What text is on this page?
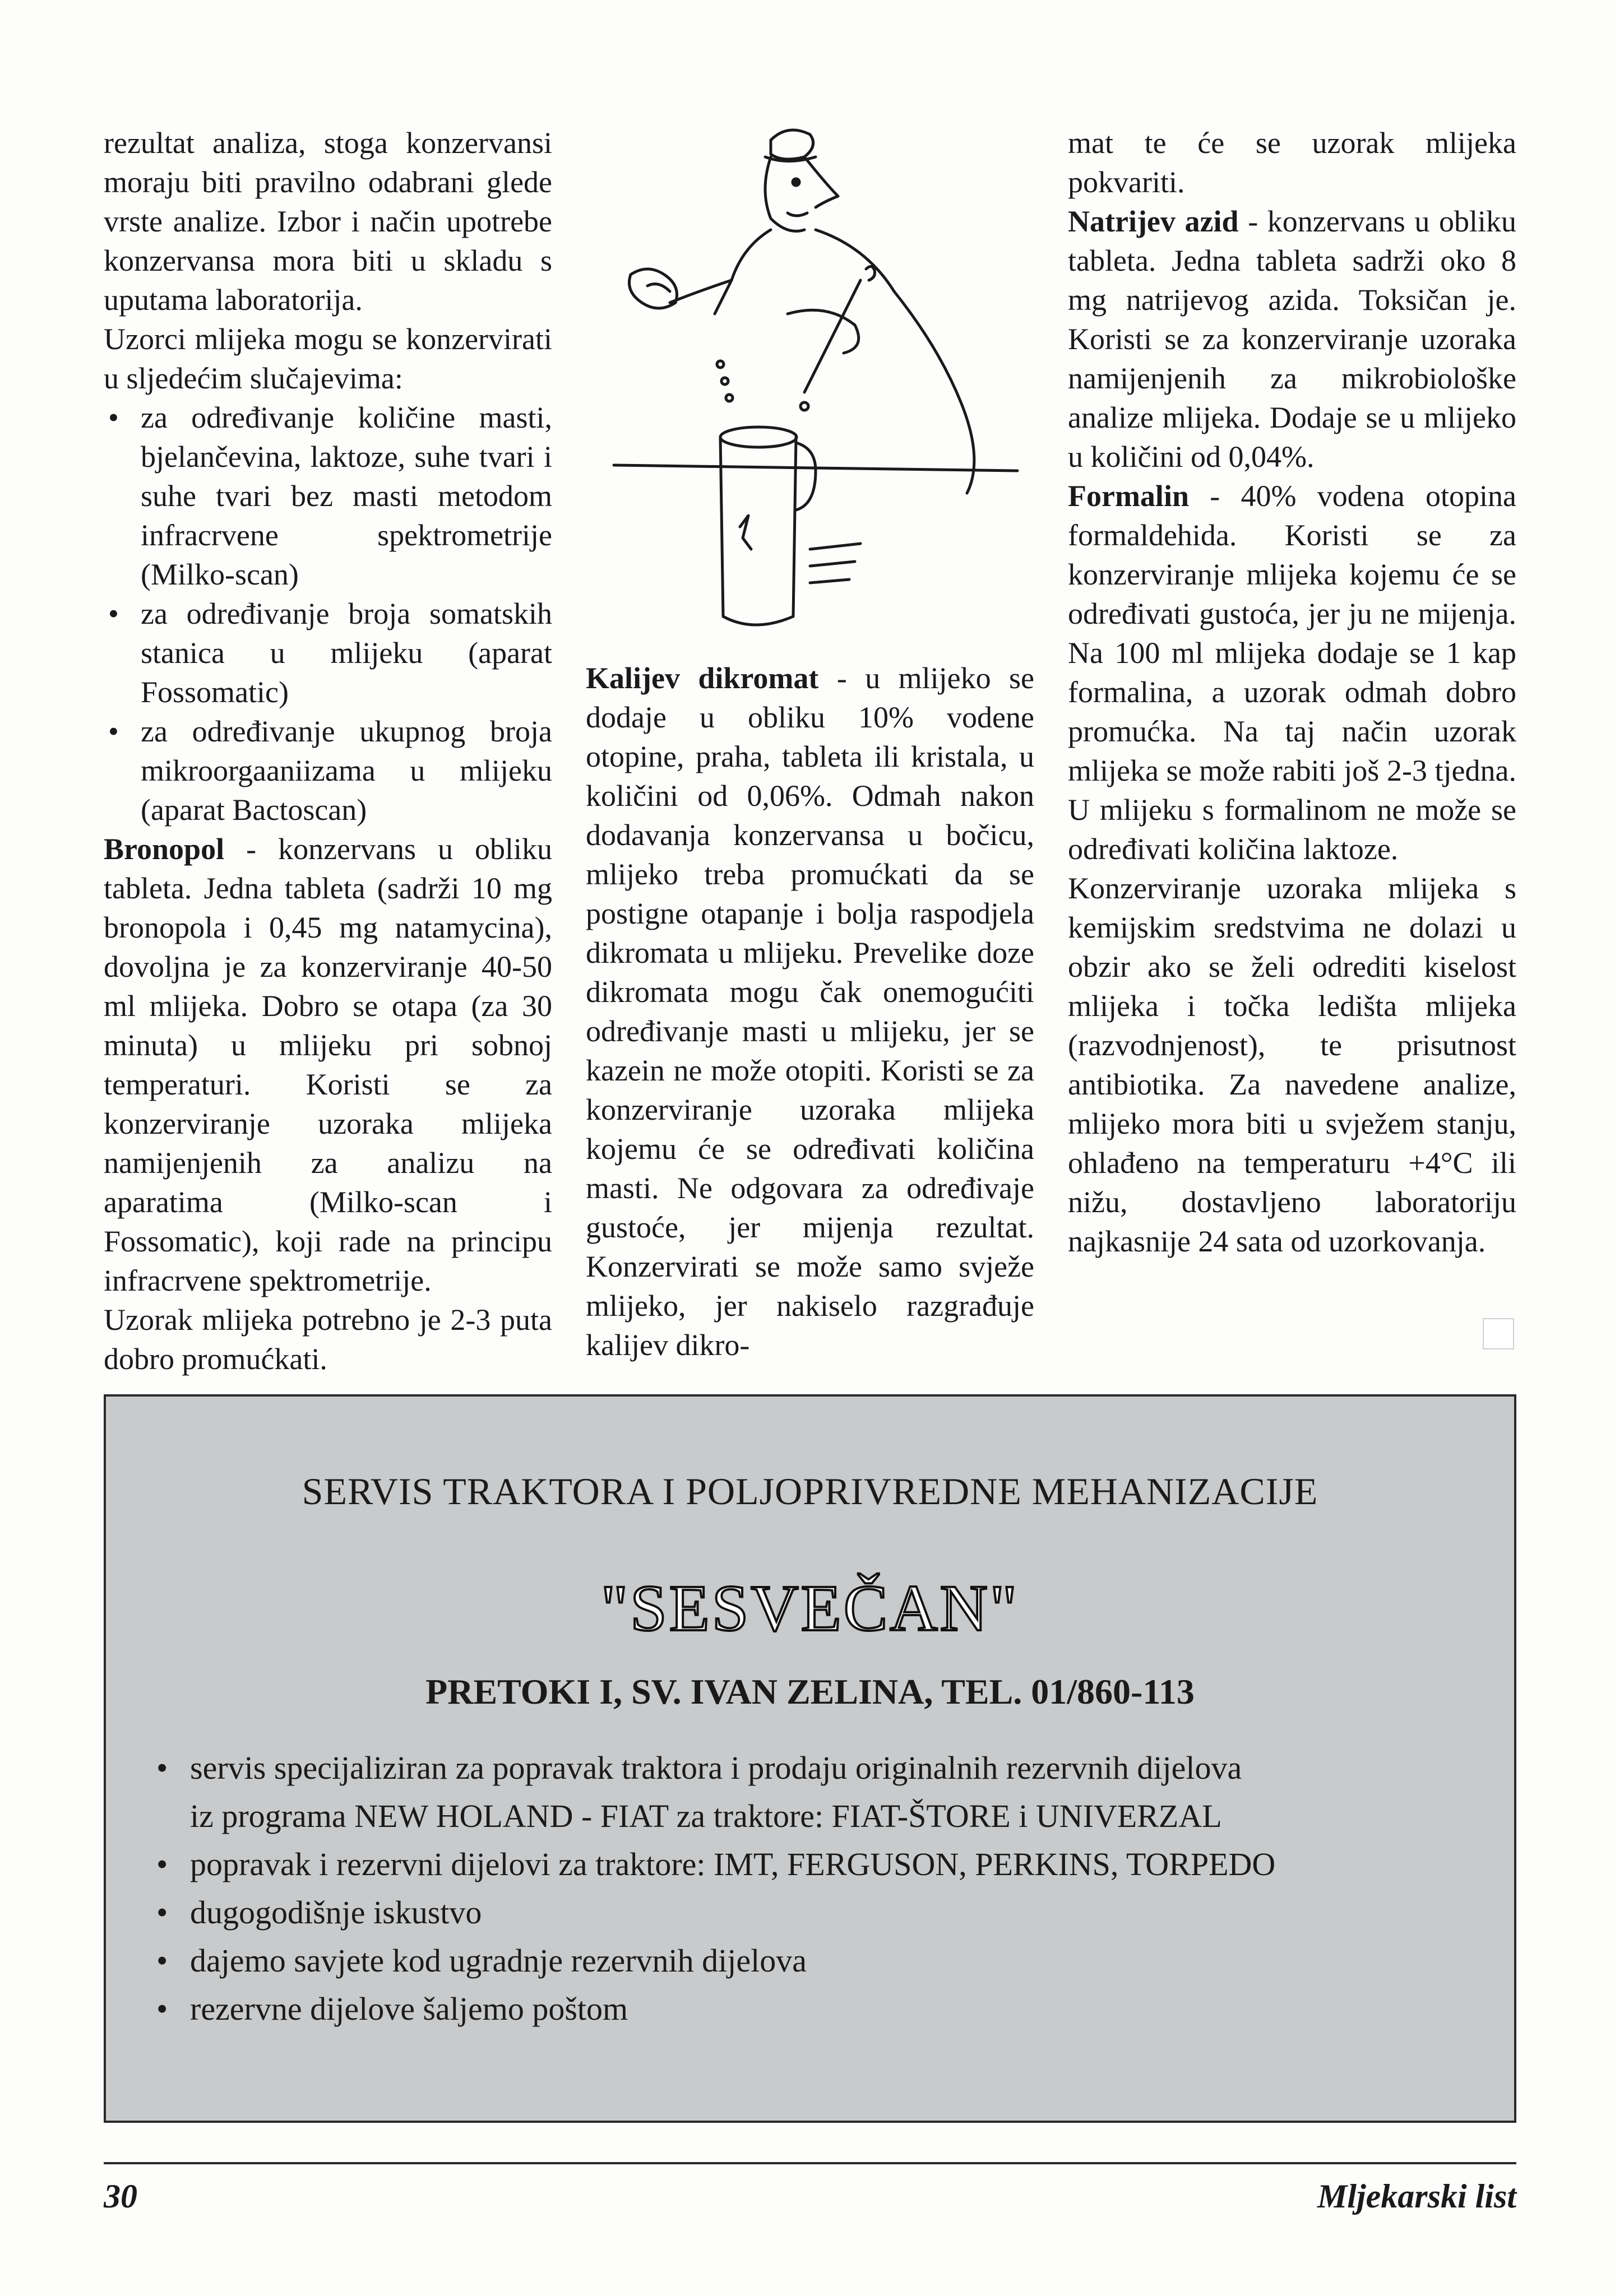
rezultat analiza, stoga konzervansi moraju biti pravilno odabrani glede vrste analize. Izbor i način upotrebe konzervansa mora biti u skladu s uputama laboratorija.

Uzorci mlijeka mogu se konzervirati u sljedećim slučajevima:

• za određivanje količine masti, bjelančevina, laktoze, suhe tvari i suhe tvari bez masti metodom infracrvene spektrometrije (Milko-scan)
• za određivanje broja somatskih stanica u mlijeku (aparat Fossomatic)
• za određivanje ukupnog broja mikroorgaaniizama u mlijeku (aparat Bactoscan)

Bronopol - konzervans u obliku tableta. Jedna tableta (sadrži 10 mg bronopola i 0,45 mg natamycina), dovoljna je za konzerviranje 40-50 ml mlijeka. Dobro se otapa (za 30 minuta) u mlijeku pri sobnoj temperaturi. Koristi se za konzerviranje uzoraka mlijeka namijenjenih za analizu na aparatima (Milko-scan i Fossomatic), koji rade na principu infracrvene spektrometrije.

Uzorak mlijeka potrebno je 2-3 puta dobro promućkati.

Kalijev dikromat - u mlijeko se dodaje u obliku 10% vodene otopine, praha, tableta ili kristala, u količini od 0,06%. Odmah nakon dodavanja konzervansa u bočicu, mlijeko treba promućkati da se postigne otapanje i bolja raspodjela dikromata u mlijeku. Prevelike doze dikromata mogu čak onemogućiti određivanje masti u mlijeku, jer se kazein ne može otopiti. Koristi se za konzerviranje uzoraka mlijeka kojemu će se određivati količina masti. Ne odgovara za određivaje gustoće, jer mijenja rezultat. Konzervirati se može samo svježe mlijeko, jer nakiselo razgrađuje kalijev dikro-

mat te će se uzorak mlijeka pokvariti.

Natrijev azid - konzervans u obliku tableta. Jedna tableta sadrži oko 8 mg natrijevog azida. Toksičan je. Koristi se za konzerviranje uzoraka namijenjenih za mikrobiološke analize mlijeka. Dodaje se u mlijeko u količini od 0,04%.

Formalin - 40% vodena otopina formaldehida. Koristi se za konzerviranje mlijeka kojemu će se određivati gustoća, jer ju ne mijenja. Na 100 ml mlijeka dodaje se 1 kap formalina, a uzorak odmah dobro promućka. Na taj način uzorak mlijeka se može rabiti još 2-3 tjedna. U mlijeku s formalinom ne može se određivati količina laktoze.

Konzerviranje uzoraka mlijeka s kemijskim sredstvima ne dolazi u obzir ako se želi odrediti kiselost mlijeka i točka ledišta mlijeka (razvodnjenost), te prisutnost antibiotika. Za navedene analize, mlijeko mora biti u svježem stanju, ohlađeno na temperaturu +4°C ili nižu, dostavljeno laboratoriju najkasnije 24 sata od uzorkovanja.

SERVIS TRAKTORA I POLJOPRIVREDNE MEHANIZACIJE
"SESVEČAN"
PRETOKI I, SV. IVAN ZELINA, TEL. 01/860-113
• servis specijaliziran za popravak traktora i prodaju originalnih rezervnih dijelova
iz programa NEW HOLAND - FIAT za traktore: FIAT-ŠTORE i UNIVERZAL
• popravak i rezervni dijelovi za traktore: IMT, FERGUSON, PERKINS, TORPEDO
• dugogodišnje iskustvo
• dajemo savjete kod ugradnje rezervnih dijelova
• rezervne dijelove šaljemo poštom
30	Mljekarski list
